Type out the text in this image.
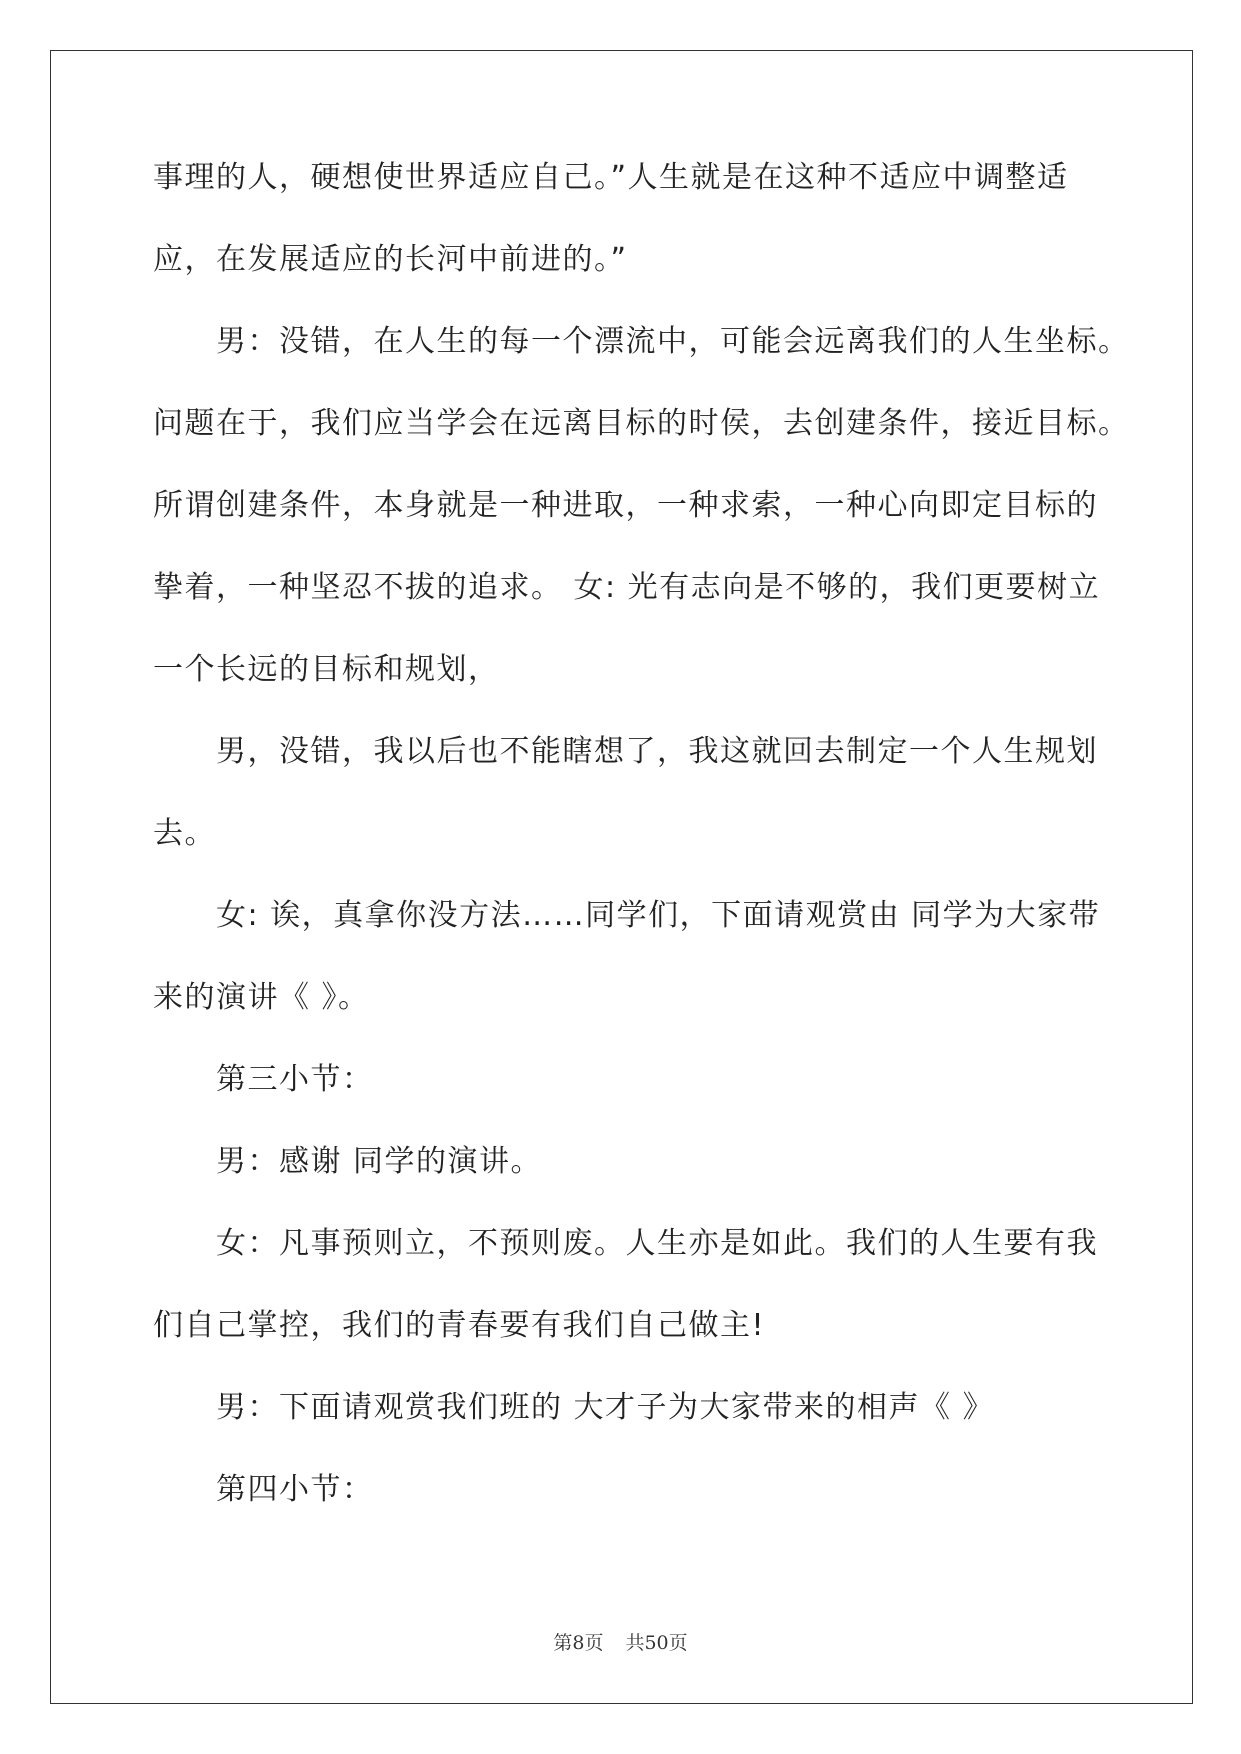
事理的人，硬想使世界适应自己。”人生就是在这种不适应中调整适
应，在发展适应的长河中前进的。”
男：没错，在人生的每一个漂流中，可能会远离我们的人生坐标。
问题在于，我们应当学会在远离目标的时侯，去创建条件，接近目标。
所谓创建条件，本身就是一种进取，一种求索，一种心向即定目标的
挚着，一种坚忍不拔的追求。 女: 光有志向是不够的，我们更要树立
一个长远的目标和规划，
男，没错，我以后也不能瞎想了，我这就回去制定一个人生规划
去。
女: 诶，真拿你没方法……同学们，下面请观赏由 同学为大家带
来的演讲《 》。
第三小节：
男：感谢 同学的演讲。
女：凡事预则立，不预则废。人生亦是如此。我们的人生要有我
们自己掌控，我们的青春要有我们自己做主!
男：下面请观赏我们班的 大才子为大家带来的相声《 》
第四小节：
第8页 共50页
